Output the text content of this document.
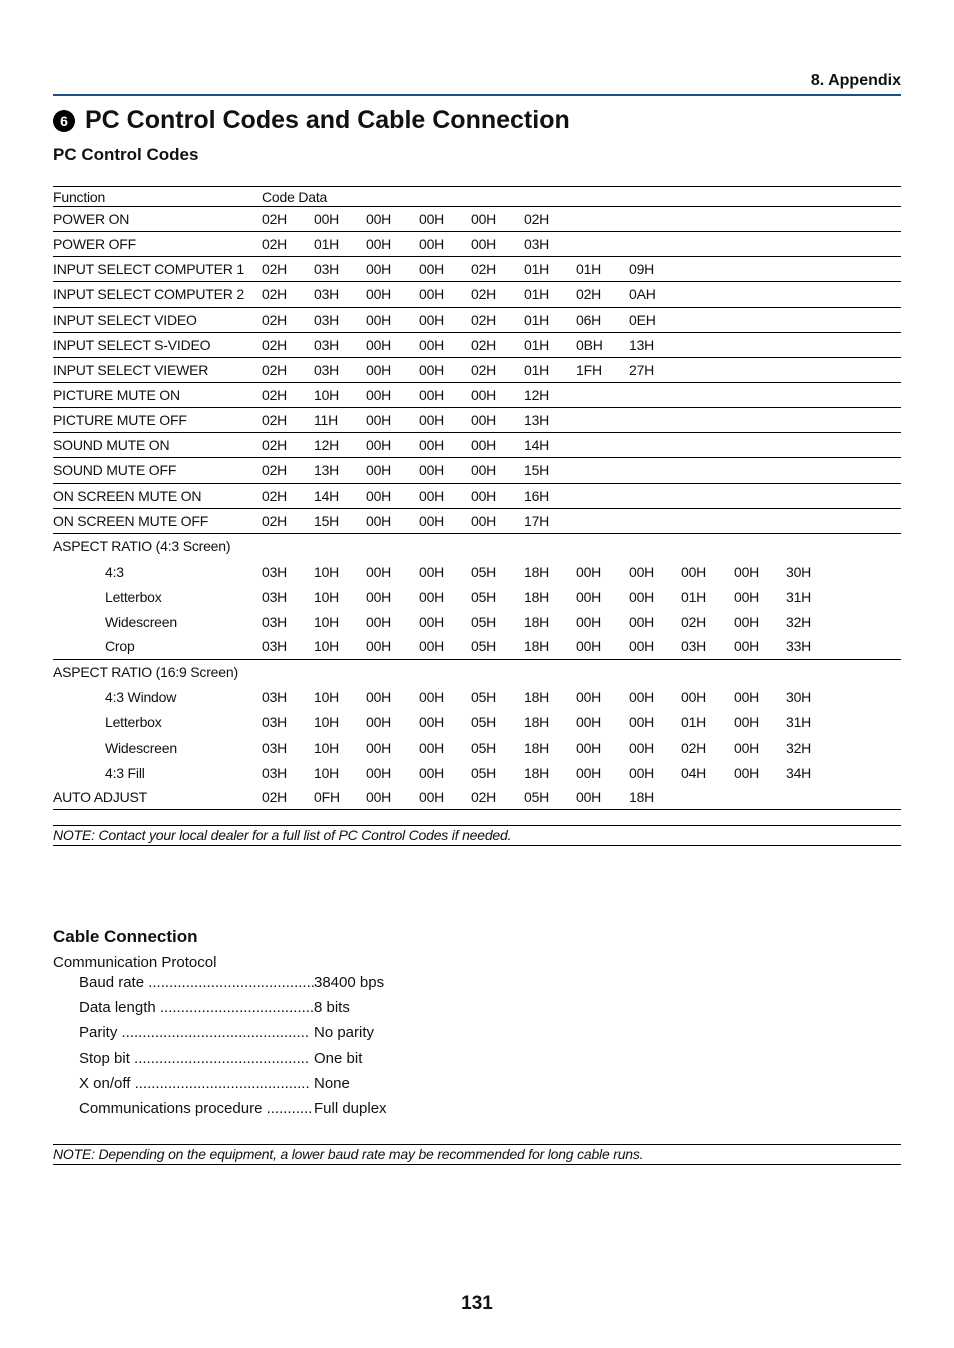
8. Appendix
6 PC Control Codes and Cable Connection
PC Control Codes
Function	Code Data
POWER ON	02H 00H 00H 00H 00H 02H
POWER OFF	02H 01H 00H 00H 00H 03H
INPUT SELECT COMPUTER 1 02H 03H 00H 00H 02H 01H 01H 09H
INPUT SELECT COMPUTER 2 02H 03H 00H 00H 02H 01H 02H 0AH
INPUT SELECT VIDEO	02H 03H 00H 00H 02H 01H 06H 0EH
INPUT SELECT S-VIDEO	02H 03H 00H 00H 02H 01H 0BH 13H
INPUT SELECT VIEWER	02H 03H 00H 00H 02H 01H 1FH 27H
PICTURE MUTE ON	02H 10H 00H 00H 00H 12H
PICTURE MUTE OFF	02H 11H 00H 00H 00H 13H
SOUND MUTE ON	02H 12H 00H 00H 00H 14H
SOUND MUTE OFF	02H 13H 00H 00H 00H 15H
ON SCREEN MUTE ON	02H 14H 00H 00H 00H 16H
ON SCREEN MUTE OFF	02H 15H 00H 00H 00H 17H
ASPECT RATIO (4:3 Screen)
4:3	03H 10H 00H 00H 05H 18H 00H 00H 00H 00H 30H
Letterbox	03H 10H 00H 00H 05H 18H 00H 00H 01H 00H 31H
Widescreen	03H 10H 00H 00H 05H 18H 00H 00H 02H 00H 32H
Crop	03H 10H 00H 00H 05H 18H 00H 00H 03H 00H 33H
ASPECT RATIO (16:9 Screen)
4:3 Window	03H 10H 00H 00H 05H 18H 00H 00H 00H 00H 30H
Letterbox	03H 10H 00H 00H 05H 18H 00H 00H 01H 00H 31H
Widescreen	03H 10H 00H 00H 05H 18H 00H 00H 02H 00H 32H
4:3 Fill	03H 10H 00H 00H 05H 18H 00H 00H 04H 00H 34H
AUTO ADJUST	02H 0FH 00H 00H 02H 05H 00H 18H
NOTE: Contact your local dealer for a full list of PC Control Codes if needed.
Cable Connection
Communication Protocol
Baud rate ........................................ 38400 bps
Data length ..................................... 8 bits
Parity ............................................. No parity
Stop bit .......................................... One bit
X on/off .......................................... None
Communications procedure ........... Full duplex
NOTE: Depending on the equipment, a lower baud rate may be recommended for long cable runs.
131
